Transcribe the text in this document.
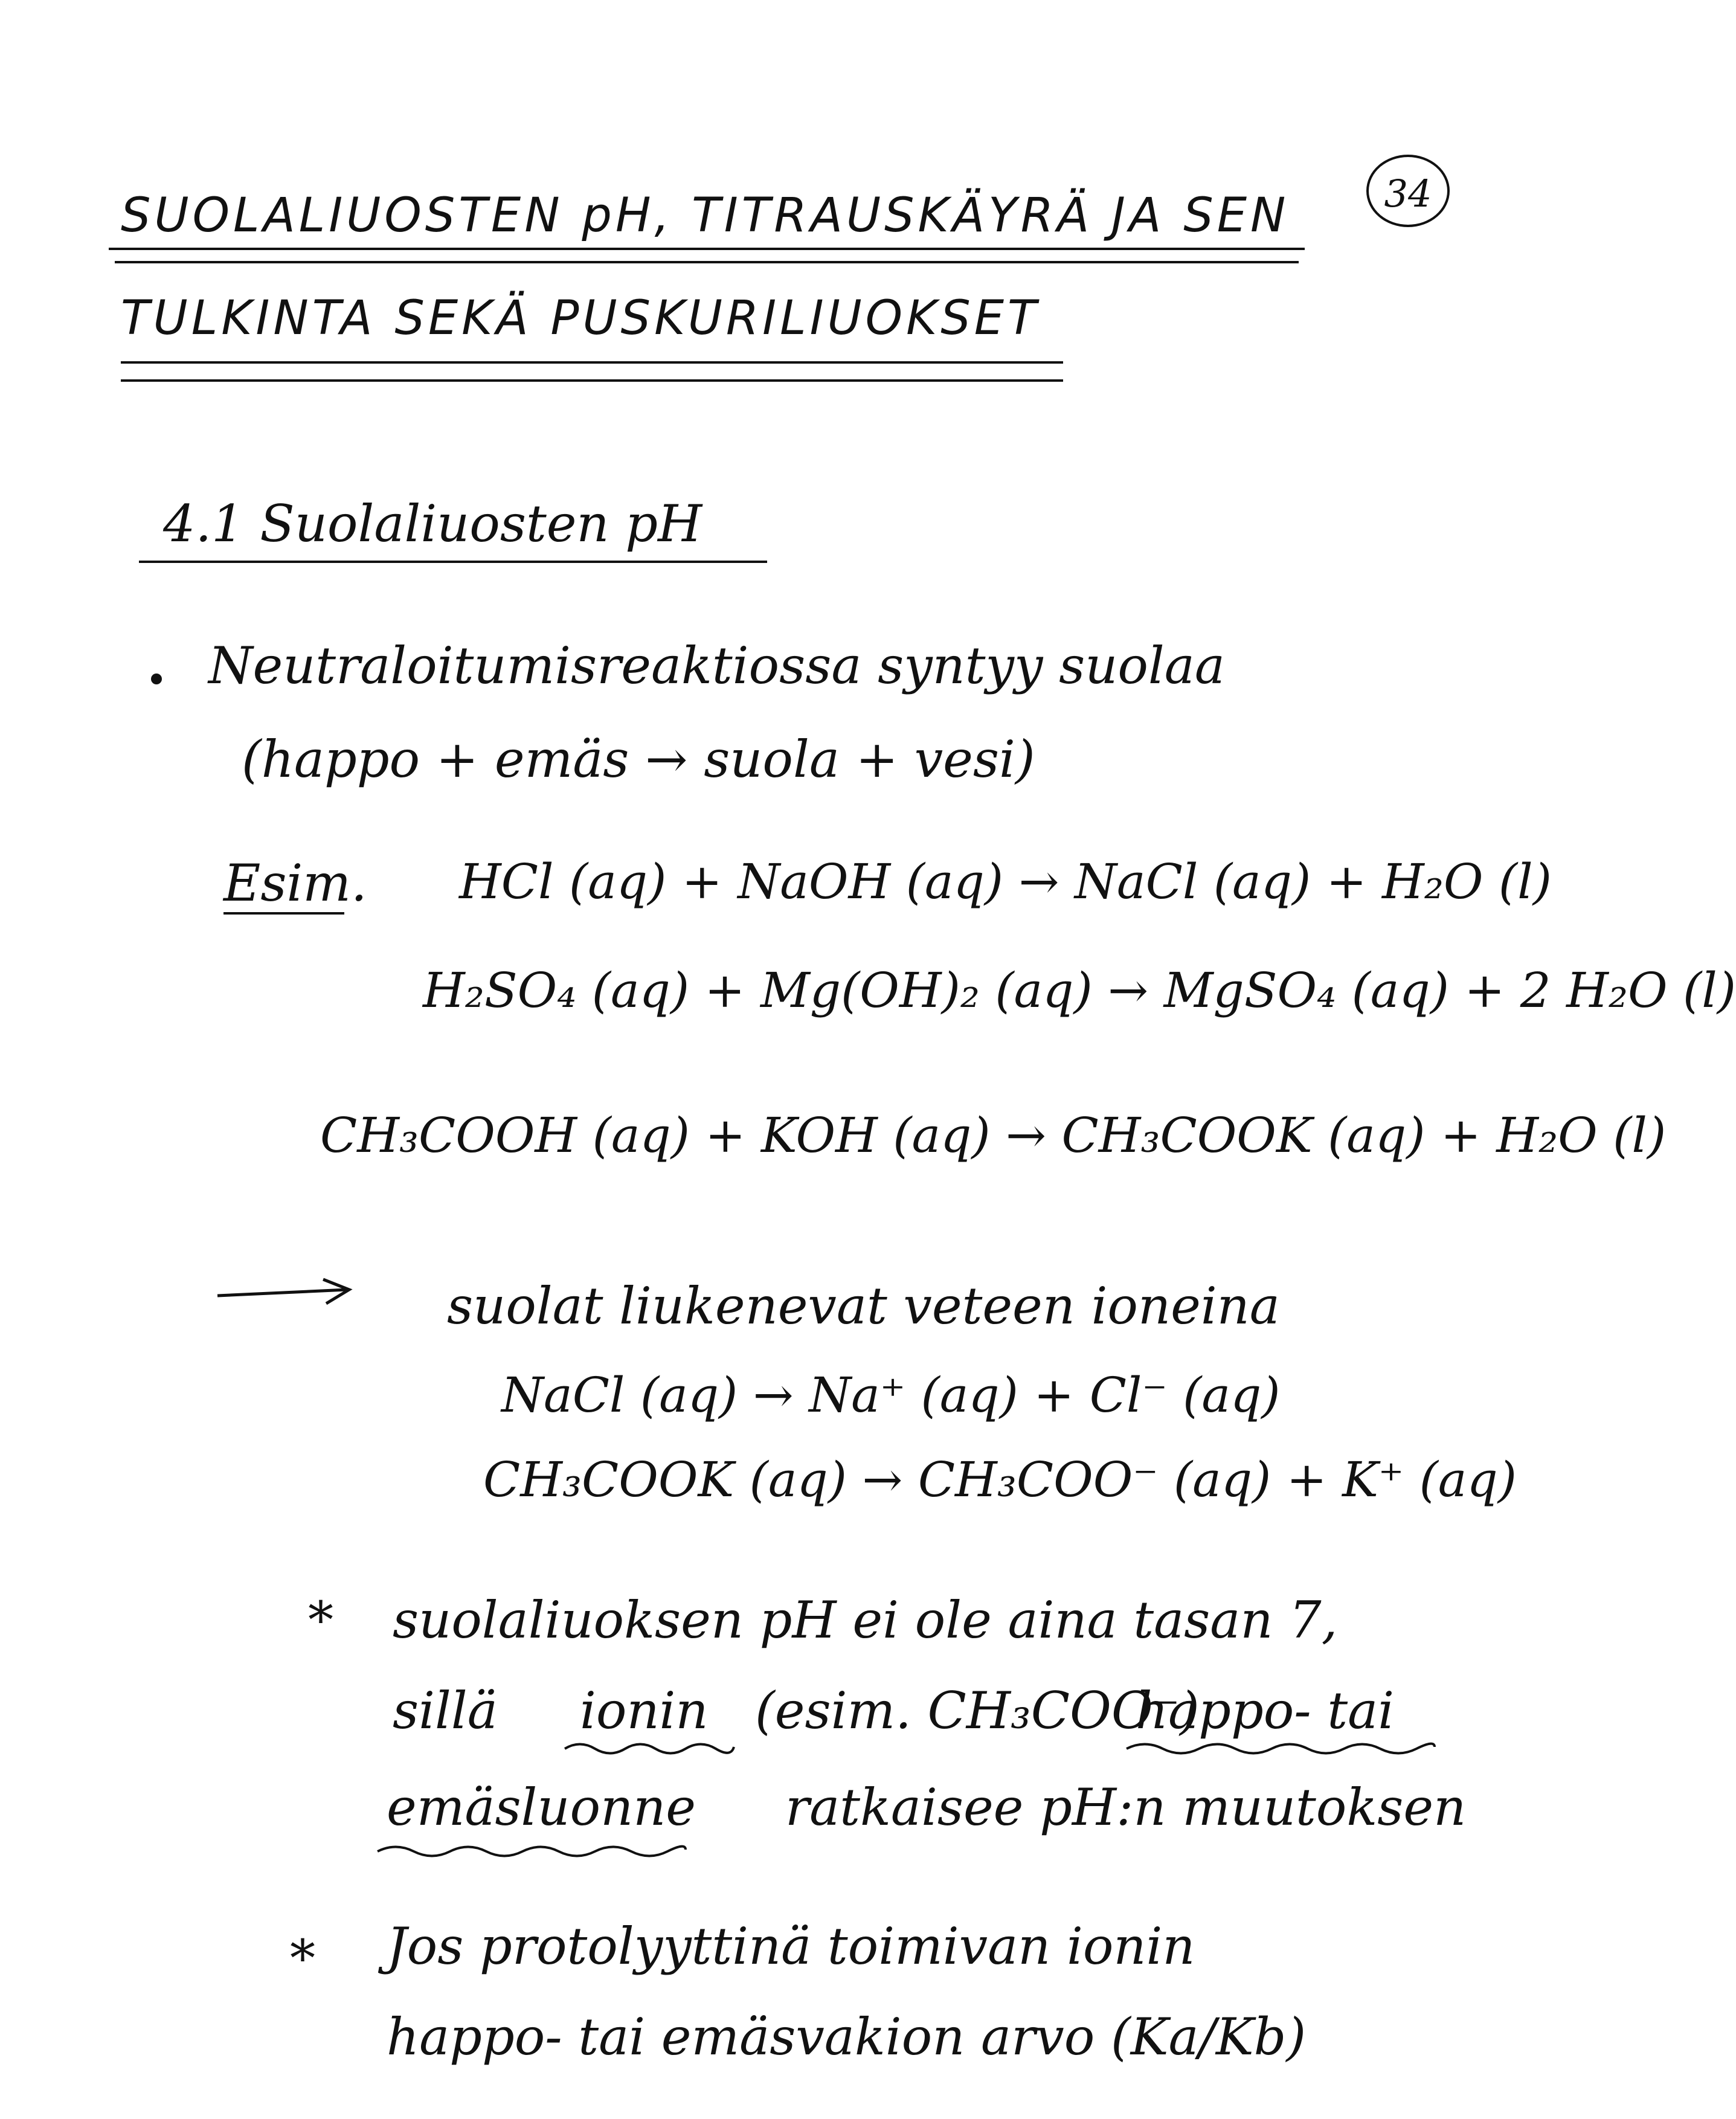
34
SUOLALIUOSTEN pH, TITRAUSKÄYRÄ JA SEN
TULKINTA SEKÄ PUSKURILIUOKSET
4.1 Suolaliuosten pH
Neutraloitumisreaktiossa syntyy suolaa
(happo + emäs → suola + vesi)
Esim. HCl (aq) + NaOH (aq) → NaCl (aq) + H₂O (l)
H₂SO₄ (aq) + Mg(OH)₂ (aq) → MgSO₄ (aq) + 2 H₂O (l)
CH₃COOH (aq) + KOH (aq) → CH₃COOK (aq) + H₂O (l)
suolat liukenevat veteen ioneina
NaCl (aq) → Na⁺ (aq) + Cl⁻ (aq)
CH₃COOK (aq) → CH₃COO⁻ (aq) + K⁺ (aq)
* suolaliuoksen pH ei ole aina tasan 7,
sillä ionin (esim. CH₃COO⁻)
happo- tai
emäsluonne ratkaisee pH:n muutoksen
* Jos protolyyttinä toimivan ionin
happo- tai emäsvakion arvo (Ka/Kb)
